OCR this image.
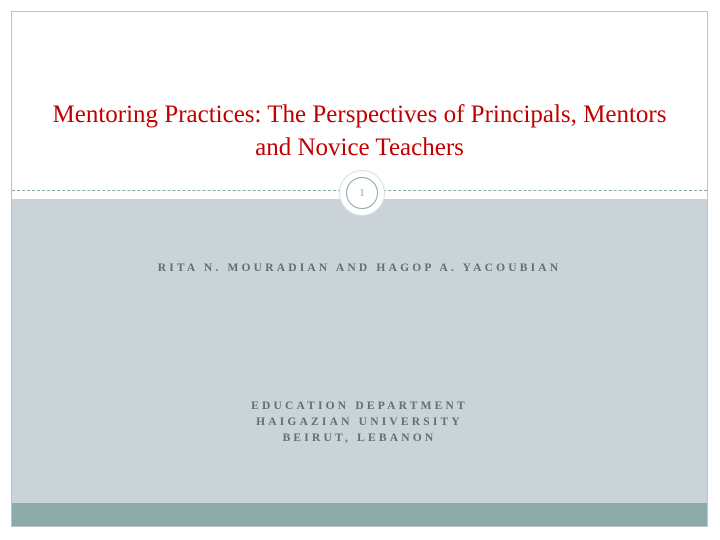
Mentoring Practices: The Perspectives of Principals, Mentors and Novice Teachers
RITA N. MOURADIAN AND HAGOP A. YACOUBIAN
EDUCATION DEPARTMENT
HAIGAZIAN UNIVERSITY
BEIRUT, LEBANON
1
